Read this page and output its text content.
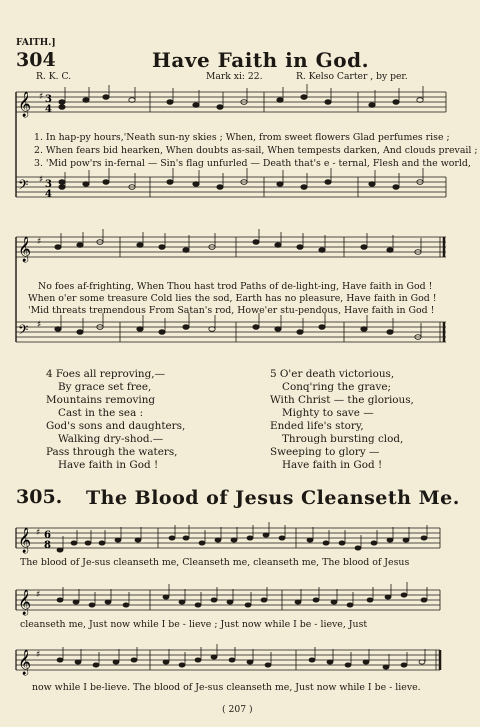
FAITH.]
304	Have Faith in God.
R. K. C.	Mark xi: 22.	R. Kelso Carter , by per.
𝄞
𝄢
♯
♯
3
4
3
4
1. In hap-py hours,'Neath sun-ny skies ; When, from sweet flowers Glad perfumes rise ;
2. When fears bid hearken, When doubts as-sail, When tempests darken, And clouds prevail ;
3. 'Mid pow'rs in-fernal — Sin's flag unfurled — Death that's e - ternal, Flesh and the world,
𝄞
𝄢
♯
♯
No foes af-frighting, When Thou hast trod Paths of de-light-ing, Have faith in God !
When o'er some treasure Cold lies the sod, Earth has no pleasure, Have faith in God !
'Mid threats tremendous From Satan's rod, Howe'er stu-pendous, Have faith in God !
4 Foes all reproving,—
By grace set free,
Mountains removing
Cast in the sea :
God's sons and daughters,
Walking dry-shod.—
Pass through the waters,
Have faith in God !
5 O'er death victorious,
Conq'ring the grave;
With Christ — the glorious,
Mighty to save —
Ended life's story,
Through bursting clod,
Sweeping to glory —
Have faith in God !
305. The Blood of Jesus Cleanseth Me.
𝄞
𝄞
𝄞
♯
♯
♯
6
8
The blood of Je-sus cleanseth me, Cleanseth me, cleanseth me, The blood of Jesus
cleanseth me, Just now while I be - lieve ; Just now while I be - lieve, Just
now while I be-lieve. The blood of Je-sus cleanseth me, Just now while I be - lieve.
( 207 )
